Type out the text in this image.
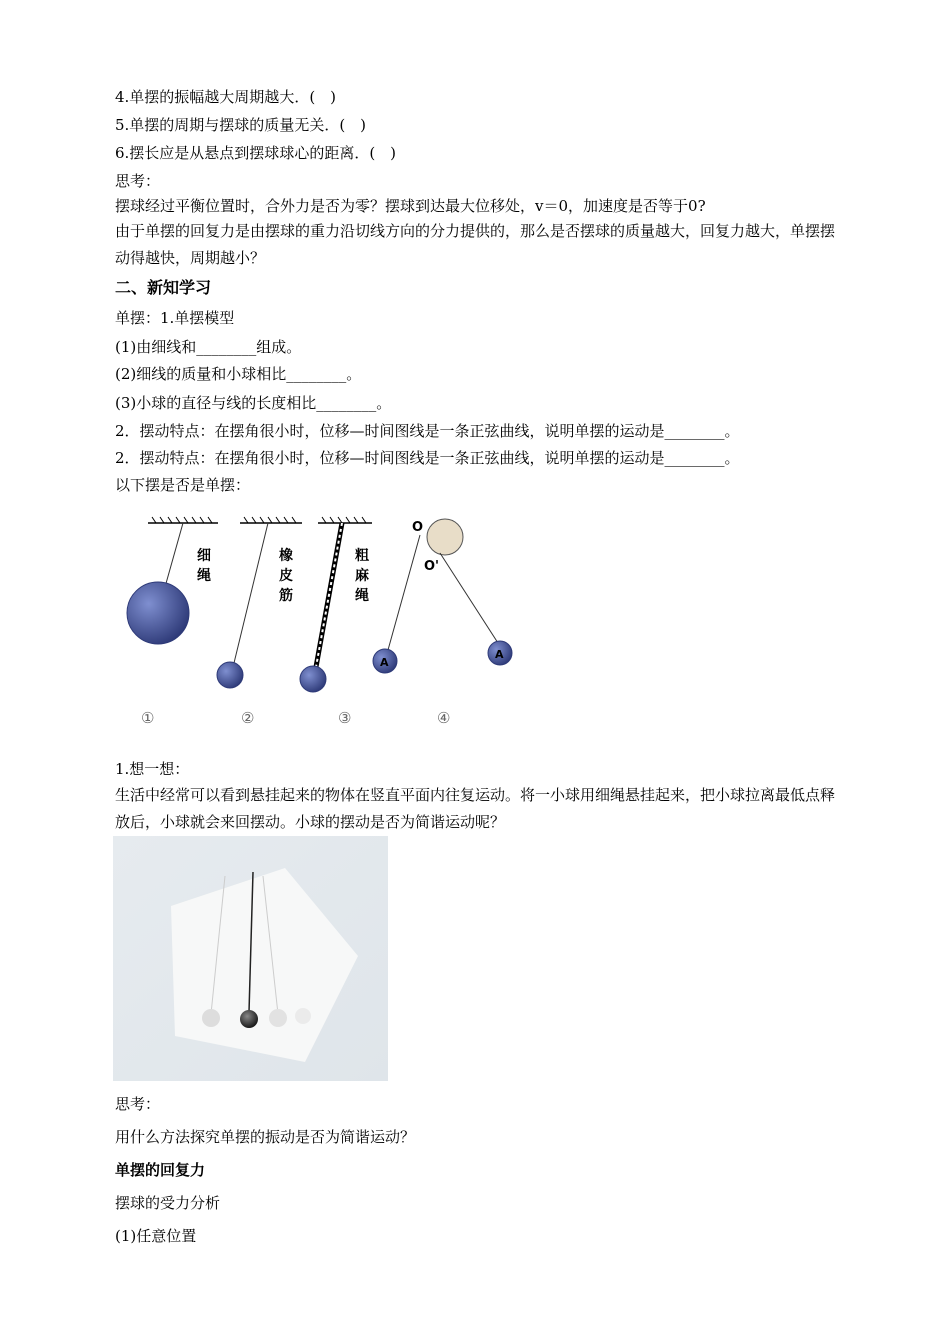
4.单摆的振幅越大周期越大．(　)
5.单摆的周期与摆球的质量无关．(　)
6.摆长应是从悬点到摆球球心的距离．(　)
思考：
摆球经过平衡位置时，合外力是否为零？摆球到达最大位移处，v＝0，加速度是否等于0?
由于单摆的回复力是由摆球的重力沿切线方向的分力提供的，那么是否摆球的质量越大，回复力越大，单摆摆动得越快，周期越小？
二、新知学习
单摆：1.单摆模型
(1)由细线和________组成。
(2)细线的质量和小球相比________。
(3)小球的直径与线的长度相比________。
2．摆动特点：在摆角很小时，位移—时间图线是一条正弦曲线，说明单摆的运动是________。
2．摆动特点：在摆角很小时，位移—时间图线是一条正弦曲线，说明单摆的运动是________。
以下摆是否是单摆：
O
O'
A
A
①	②	③	④
细绳
橡皮筋
粗麻绳
1.想一想：
生活中经常可以看到悬挂起来的物体在竖直平面内往复运动。将一小球用细绳悬挂起来，把小球拉离最低点释放后，小球就会来回摆动。小球的摆动是否为简谐运动呢？
思考：
用什么方法探究单摆的振动是否为简谐运动？
单摆的回复力
摆球的受力分析
(1)任意位置
